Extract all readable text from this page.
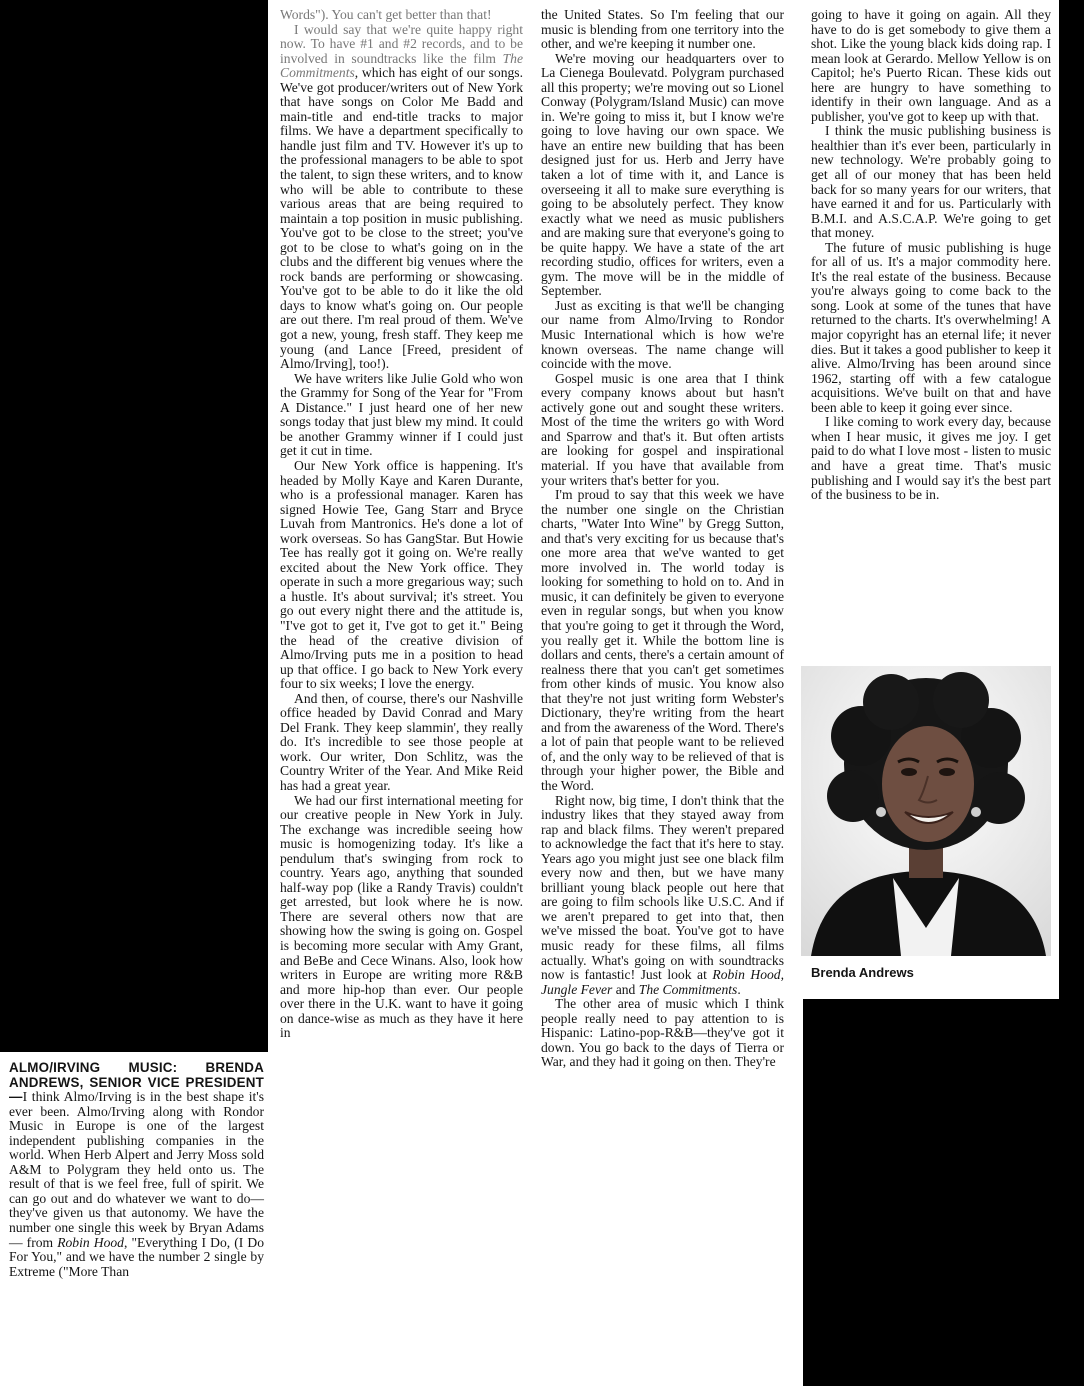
ALMO/IRVING MUSIC: BRENDA ANDREWS, SENIOR VICE PRESIDENT—I think Almo/Irving is in the best shape it's ever been. Almo/Irving along with Rondor Music in Europe is one of the largest independent publishing companies in the world. When Herb Alpert and Jerry Moss sold A&M to Polygram they held onto us. The result of that is we feel free, full of spirit. We can go out and do whatever we want to do—they've given us that autonomy. We have the number one single this week by Bryan Adams— from Robin Hood, "Everything I Do, (I Do For You," and we have the number 2 single by Extreme ("More Than

Words"). You can't get better than that!

I would say that we're quite happy right now. To have #1 and #2 records, and to be involved in soundtracks like the film The Commitments, which has eight of our songs. We've got producer/writers out of New York that have songs on Color Me Badd and main-title and end-title tracks to major films. We have a department specifically to handle just film and TV. However it's up to the professional managers to be able to spot the talent, to sign these writers, and to know who will be able to contribute to these various areas that are being required to maintain a top position in music publishing. You've got to be close to the street; you've got to be close to what's going on in the clubs and the different big venues where the rock bands are performing or showcasing. You've got to be able to do it like the old days to know what's going on. Our people are out there. I'm real proud of them. We've got a new, young, fresh staff. They keep me young (and Lance [Freed, president of Almo/Irving], too!).

We have writers like Julie Gold who won the Grammy for Song of the Year for "From A Distance." I just heard one of her new songs today that just blew my mind. It could be another Grammy winner if I could just get it cut in time.

Our New York office is happening. It's headed by Molly Kaye and Karen Durante, who is a professional manager. Karen has signed Howie Tee, Gang Starr and Bryce Luvah from Mantronics. He's done a lot of work overseas. So has GangStar. But Howie Tee has really got it going on. We're really excited about the New York office. They operate in such a more gregarious way; such a hustle. It's about survival; it's street. You go out every night there and the attitude is, "I've got to get it, I've got to get it." Being the head of the creative division of Almo/Irving puts me in a position to head up that office. I go back to New York every four to six weeks; I love the energy.

And then, of course, there's our Nashville office headed by David Conrad and Mary Del Frank. They keep slammin', they really do. It's incredible to see those people at work. Our writer, Don Schlitz, was the Country Writer of the Year. And Mike Reid has had a great year.

We had our first international meeting for our creative people in New York in July. The exchange was incredible seeing how music is homogenizing today. It's like a pendulum that's swinging from rock to country. Years ago, anything that sounded half-way pop (like a Randy Travis) couldn't get arrested, but look where he is now. There are several others now that are showing how the swing is going on. Gospel is becoming more secular with Amy Grant, and BeBe and Cece Winans. Also, look how writers in Europe are writing more R&B and more hip-hop than ever. Our people over there in the U.K. want to have it going on dance-wise as much as they have it here in

the United States. So I'm feeling that our music is blending from one territory into the other, and we're keeping it number one.

We're moving our headquarters over to La Cienega Boulevatd. Polygram purchased all this property; we're moving out so Lionel Conway (Polygram/Island Music) can move in. We're going to miss it, but I know we're going to love having our own space. We have an entire new building that has been designed just for us. Herb and Jerry have taken a lot of time with it, and Lance is overseeing it all to make sure everything is going to be absolutely perfect. They know exactly what we need as music publishers and are making sure that everyone's going to be quite happy. We have a state of the art recording studio, offices for writers, even a gym. The move will be in the middle of September.

Just as exciting is that we'll be changing our name from Almo/Irving to Rondor Music International which is how we're known overseas. The name change will coincide with the move.

Gospel music is one area that I think every company knows about but hasn't actively gone out and sought these writers. Most of the time the writers go with Word and Sparrow and that's it. But often artists are looking for gospel and inspirational material. If you have that available from your writers that's better for you.

I'm proud to say that this week we have the number one single on the Christian charts, "Water Into Wine" by Gregg Sutton, and that's very exciting for us because that's one more area that we've wanted to get more involved in. The world today is looking for something to hold on to. And in music, it can definitely be given to everyone even in regular songs, but when you know that you're going to get it through the Word, you really get it. While the bottom line is dollars and cents, there's a certain amount of realness there that you can't get sometimes from other kinds of music. You know also that they're not just writing form Webster's Dictionary, they're writing from the heart and from the awareness of the Word. There's a lot of pain that people want to be relieved of, and the only way to be relieved of that is through your higher power, the Bible and the Word.

Right now, big time, I don't think that the industry likes that they stayed away from rap and black films. They weren't prepared to acknowledge the fact that it's here to stay. Years ago you might just see one black film every now and then, but we have many brilliant young black people out here that are going to film schools like U.S.C. And if we aren't prepared to get into that, then we've missed the boat. You've got to have music ready for these films, all films actually. What's going on with soundtracks now is fantastic! Just look at Robin Hood, Jungle Fever and The Commitments.

The other area of music which I think people really need to pay attention to is Hispanic: Latino-pop-R&B—they've got it down. You go back to the days of Tierra or War, and they had it going on then. They're

going to have it going on again. All they have to do is get somebody to give them a shot. Like the young black kids doing rap. I mean look at Gerardo. Mellow Yellow is on Capitol; he's Puerto Rican. These kids out here are hungry to have something to identify in their own language. And as a publisher, you've got to keep up with that.

I think the music publishing business is healthier than it's ever been, particularly in new technology. We're probably going to get all of our money that has been held back for so many years for our writers, that have earned it and for us. Particularly with B.M.I. and A.S.C.A.P. We're going to get that money.

The future of music publishing is huge for all of us. It's a major commodity here. It's the real estate of the business. Because you're always going to come back to the song. Look at some of the tunes that have returned to the charts. It's overwhelming! A major copyright has an eternal life; it never dies. But it takes a good publisher to keep it alive. Almo/Irving has been around since 1962, starting off with a few catalogue acquisitions. We've built on that and have been able to keep it going ever since.

I like coming to work every day, because when I hear music, it gives me joy. I get paid to do what I love most - listen to music and have a great time. That's music publishing and I would say it's the best part of the business to be in.

Brenda Andrews
